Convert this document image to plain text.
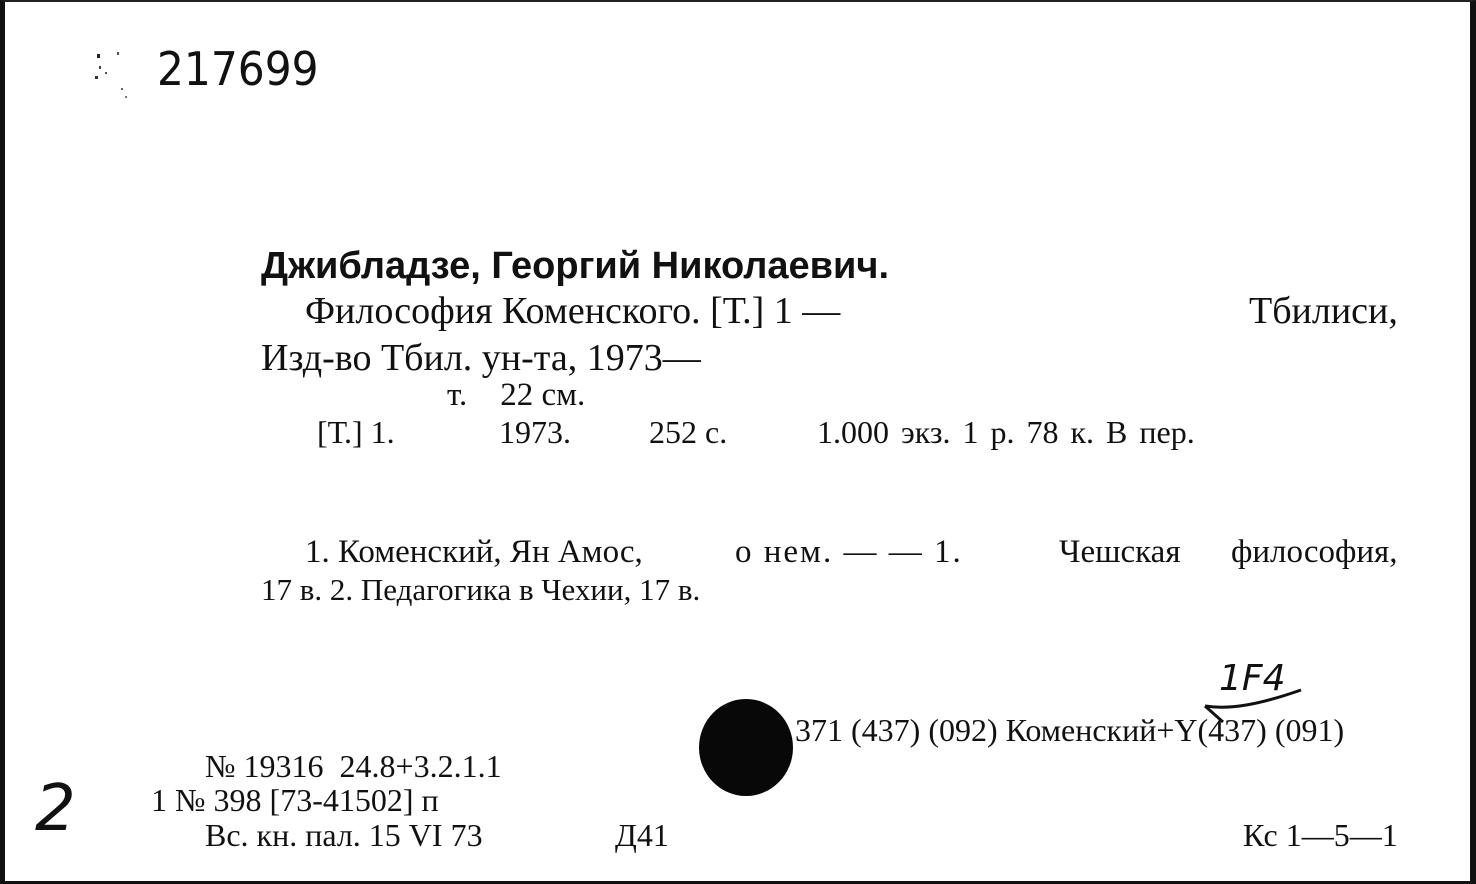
217699
Джибладзе, Георгий Николаевич.
Философия Коменского. [Т.] 1 —	Тбилиси,
Изд-во Тбил. ун-та, 1973—
т.    22 см.
[Т.] 1.	1973. 252 с.	1.000 экз. 1 р. 78 к. В пер.
1. Коменский, Ян Амос,	о нем. — — 1.	Чешская философия,
17 в. 2. Педагогика в Чехии, 17 в.
1F4
371 (437) (092) Коменский+Y(437) (091)
№ 19316  24.8+3.2.1.1
1 № 398 [73-41502] п
Вс. кн. пал. 15 VI 73	Д41
2	Кс 1—5—1
